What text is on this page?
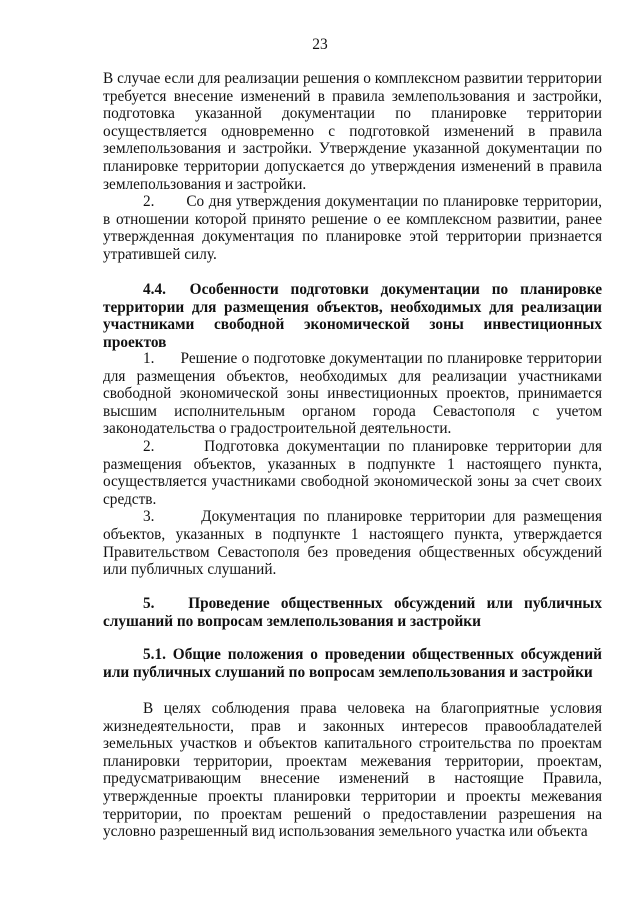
23

В случае если для реализации решения о комплексном развитии территории требуется внесение изменений в правила землепользования и застройки, подготовка указанной документации по планировке территории осуществляется одновременно с подготовкой изменений в правила землепользования и застройки. Утверждение указанной документации по планировке территории допускается до утверждения изменений в правила землепользования и застройки.

2.       Со дня утверждения документации по планировке территории, в отношении которой принято решение о ее комплексном развитии, ранее утвержденная документация по планировке этой территории признается утратившей силу.

4.4.  Особенности подготовки документации по планировке территории для размещения объектов, необходимых для реализации участниками свободной экономической зоны инвестиционных проектов

1.      Решение о подготовке документации по планировке территории для размещения объектов, необходимых для реализации участниками свободной экономической зоны инвестиционных проектов, принимается высшим исполнительным органом города Севастополя с учетом законодательства о градостроительной деятельности.

2.      Подготовка документации по планировке территории для размещения объектов, указанных в подпункте 1 настоящего пункта, осуществляется участниками свободной экономической зоны за счет своих средств.

3.      Документация по планировке территории для размещения объектов, указанных в подпункте 1 настоящего пункта, утверждается Правительством Севастополя без проведения общественных обсуждений или публичных слушаний.

5.   Проведение общественных обсуждений или публичных слушаний по вопросам землепользования и застройки

5.1. Общие положения о проведении общественных обсуждений или публичных слушаний по вопросам землепользования и застройки

В целях соблюдения права человека на благоприятные условия жизнедеятельности, прав и законных интересов правообладателей земельных участков и объектов капитального строительства по проектам планировки территории, проектам межевания территории, проектам, предусматривающим внесение изменений в настоящие Правила, утвержденные проекты планировки территории и проекты межевания территории, по проектам решений о предоставлении разрешения на условно разрешенный вид использования земельного участка или объекта
